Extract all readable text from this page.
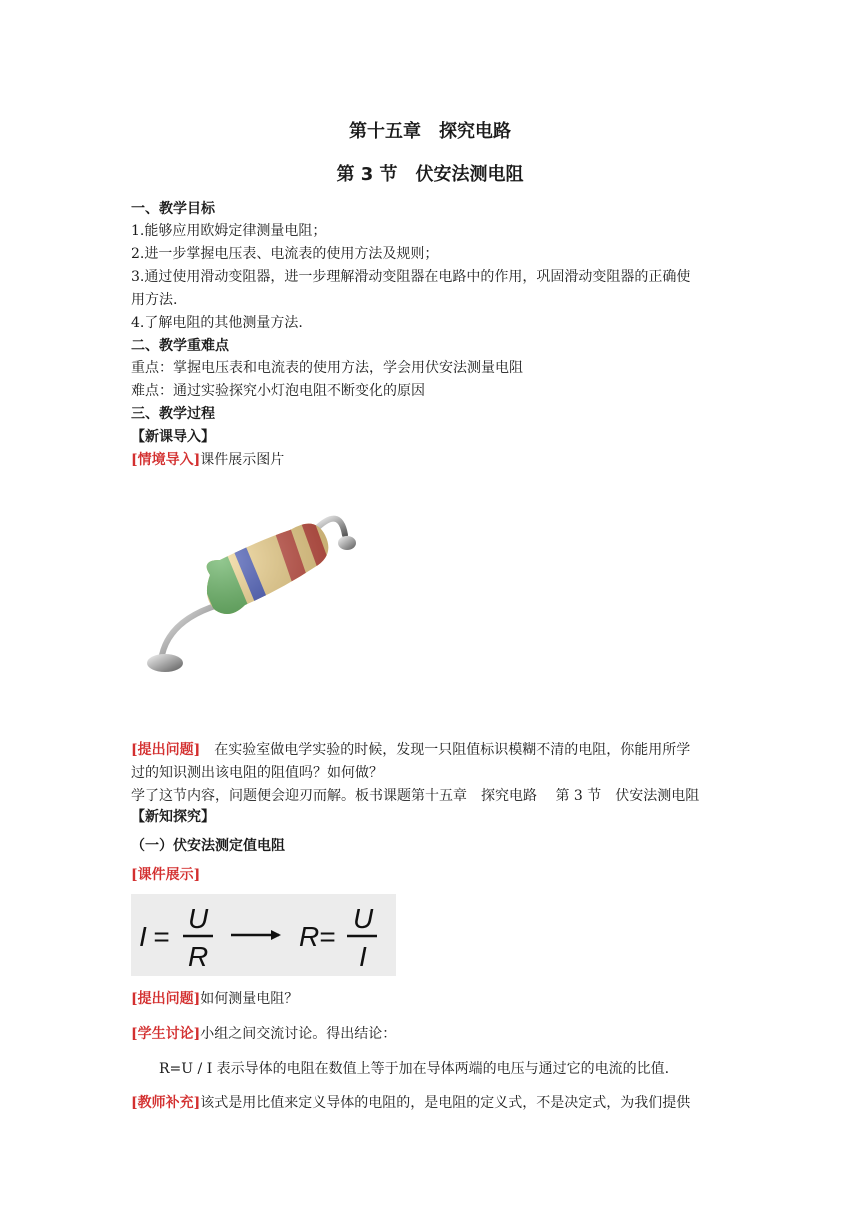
第十五章　探究电路
第 3 节　伏安法测电阻
一、教学目标
1.能够应用欧姆定律测量电阻；
2.进一步掌握电压表、电流表的使用方法及规则；
3.通过使用滑动变阻器，进一步理解滑动变阻器在电路中的作用，巩固滑动变阻器的正确使
用方法.
4.了解电阻的其他测量方法.
二、教学重难点
重点：掌握电压表和电流表的使用方法，学会用伏安法测量电阻
难点：通过实验探究小灯泡电阻不断变化的原因
三、教学过程
【新课导入】
[情境导入]课件展示图片
[提出问题]　在实验室做电学实验的时候，发现一只阻值标识模糊不清的电阻，你能用所学
过的知识测出该电阻的阻值吗？如何做？
学了这节内容，问题便会迎刃而解。板书课题第十五章　探究电路　 第 3 节　伏安法测电阻
【新知探究】
（一）伏安法测定值电阻
[课件展示]
I =
U
R
R =
U
I
[提出问题]如何测量电阻？
[学生讨论]小组之间交流讨论。得出结论：
R=U / I 表示导体的电阻在数值上等于加在导体两端的电压与通过它的电流的比值.
[教师补充]该式是用比值来定义导体的电阻的，是电阻的定义式，不是决定式，为我们提供
